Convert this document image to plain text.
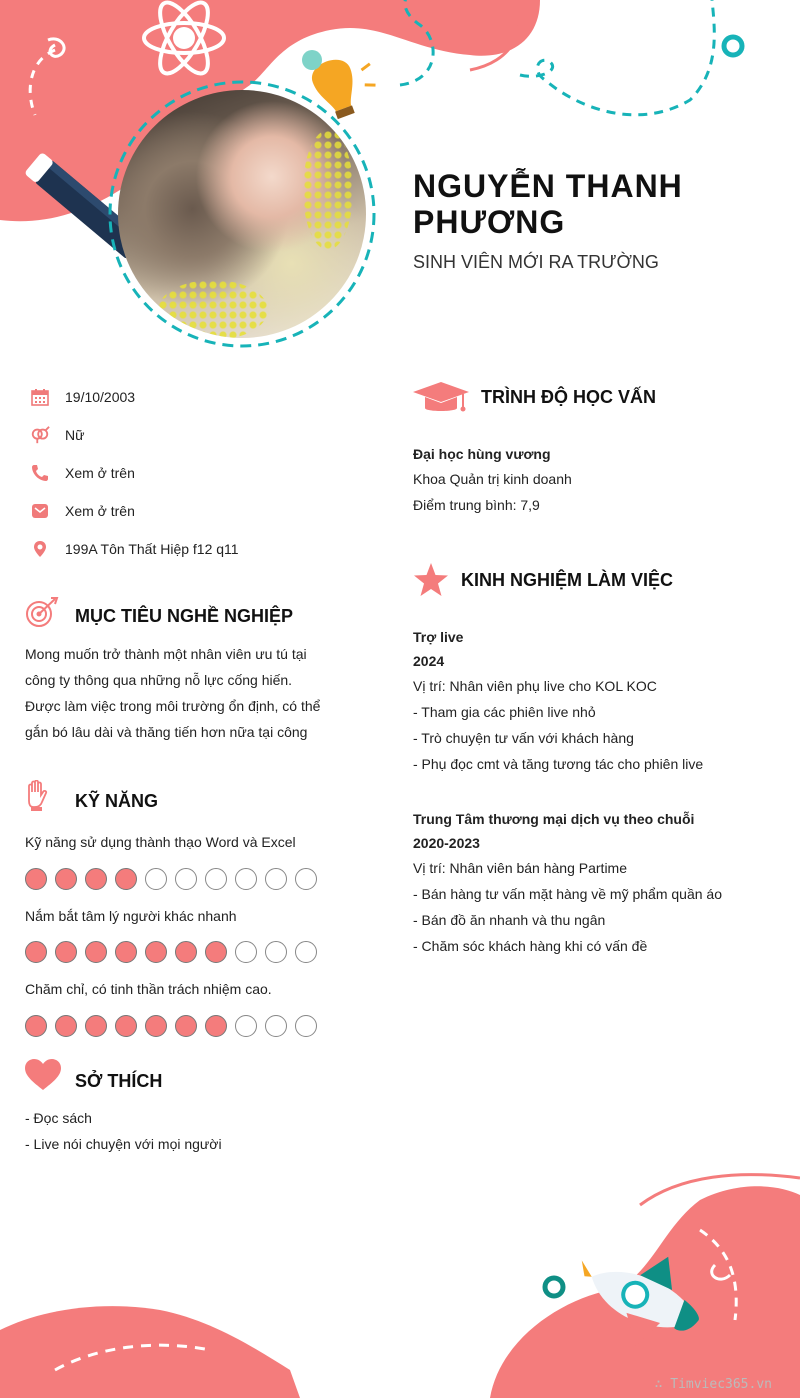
NGUYỄN THANH PHƯƠNG
SINH VIÊN MỚI RA TRƯỜNG
19/10/2003
Nữ
Xem ở trên
Xem ở trên
199A Tôn Thất Hiệp f12 q11
MỤC TIÊU NGHỀ NGHIỆP
Mong muốn trở thành một nhân viên ưu tú tại
công ty thông qua những nỗ lực cống hiến.
Được làm việc trong môi trường ổn định, có thể
gắn bó lâu dài và thăng tiến hơn nữa tại công
KỸ NĂNG
Kỹ năng sử dụng thành thạo Word và Excel
Nắm bắt tâm lý người khác nhanh
Chăm chỉ, có tinh thần trách nhiệm cao.
SỞ THÍCH
- Đọc sách
- Live nói chuyện với mọi người
TRÌNH ĐỘ HỌC VẤN
Đại học hùng vương
Khoa Quản trị kinh doanh
Điểm trung bình: 7,9
KINH NGHIỆM LÀM VIỆC
Trợ live
2024
Vị trí: Nhân viên phụ live cho KOL KOC
- Tham gia các phiên live nhỏ
- Trò chuyện tư vấn với khách hàng
- Phụ đọc cmt và tăng tương tác cho phiên live
Trung Tâm thương mại dịch vụ theo chuỗi
2020-2023
Vị trí: Nhân viên bán hàng Partime
- Bán hàng tư vấn mặt hàng về mỹ phẩm quần áo
- Bán đồ ăn nhanh và thu ngân
- Chăm sóc khách hàng khi có vấn đề
∴ Timviec365.vn
